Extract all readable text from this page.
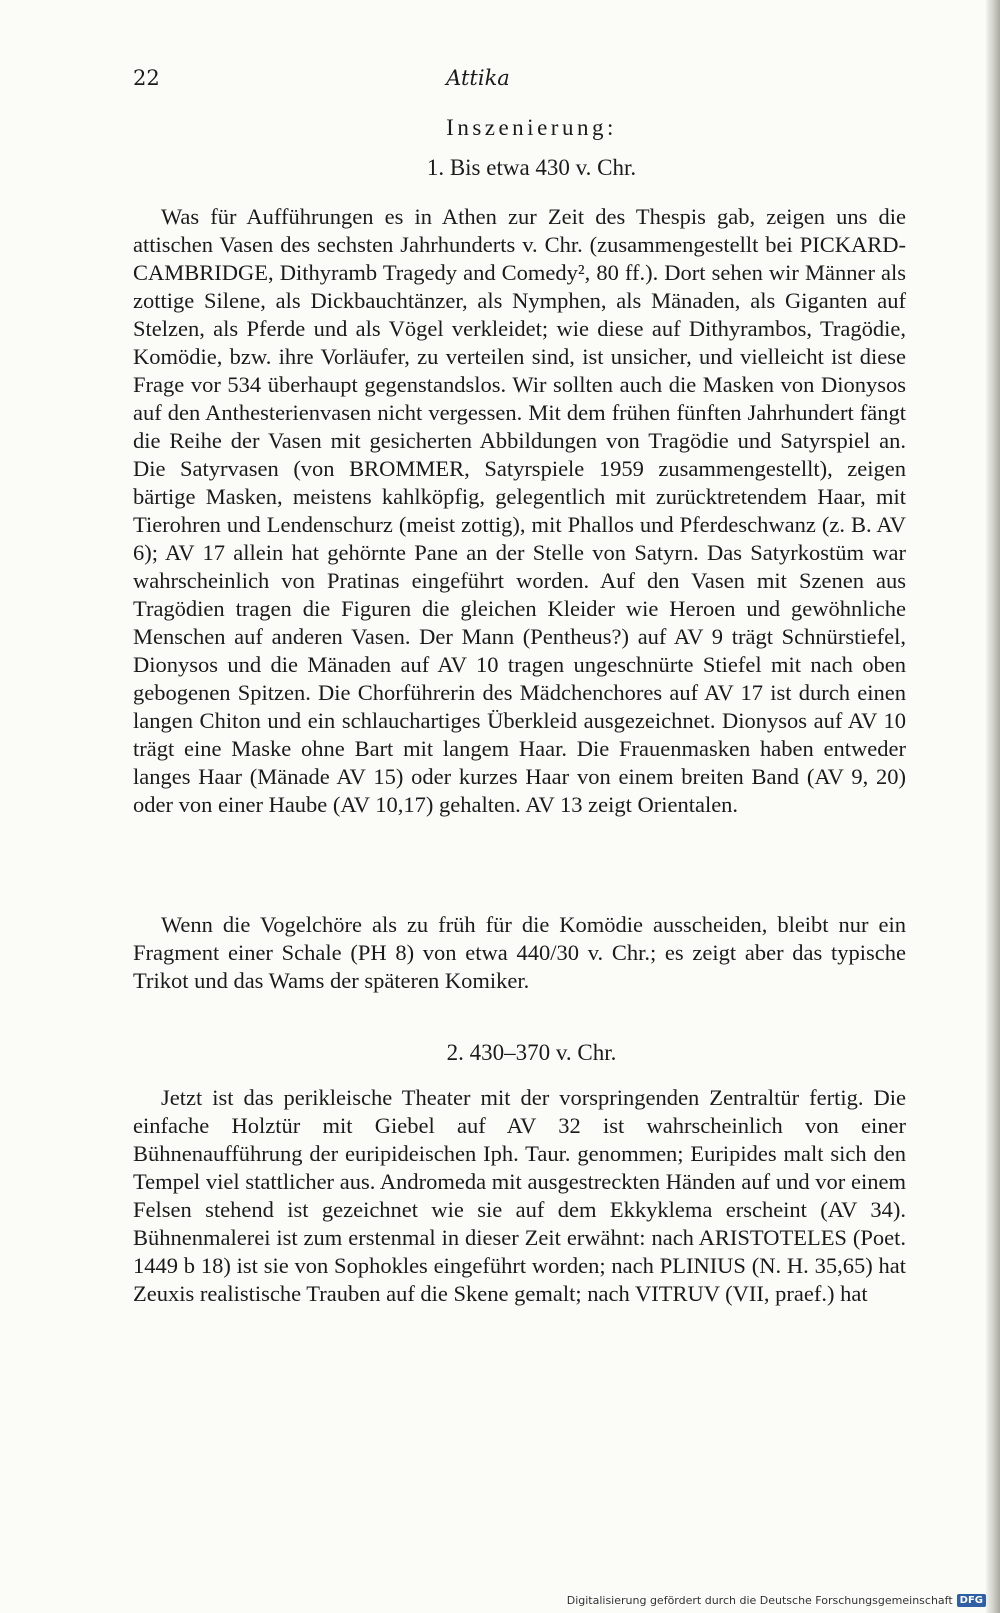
22	Attika
Inszenierung:
1. Bis etwa 430 v. Chr.

Was für Aufführungen es in Athen zur Zeit des Thespis gab, zeigen uns die attischen Vasen des sechsten Jahrhunderts v. Chr. (zusammengestellt bei PICKARD-CAMBRIDGE, Dithyramb Tragedy and Comedy², 80 ff.). Dort sehen wir Männer als zottige Silene, als Dickbauchtänzer, als Nymphen, als Mänaden, als Giganten auf Stelzen, als Pferde und als Vögel verkleidet; wie diese auf Dithyrambos, Tragödie, Komödie, bzw. ihre Vorläufer, zu verteilen sind, ist unsicher, und vielleicht ist diese Frage vor 534 überhaupt gegenstandslos. Wir sollten auch die Masken von Dionysos auf den Anthesterienvasen nicht vergessen. Mit dem frühen fünften Jahrhundert fängt die Reihe der Vasen mit gesicherten Abbildungen von Tragödie und Satyrspiel an. Die Satyrvasen (von BROMMER, Satyrspiele 1959 zusammengestellt), zeigen bärtige Masken, meistens kahlköpfig, gelegentlich mit zurücktretendem Haar, mit Tierohren und Lendenschurz (meist zottig), mit Phallos und Pferdeschwanz (z. B. AV 6); AV 17 allein hat gehörnte Pane an der Stelle von Satyrn. Das Satyrkostüm war wahrscheinlich von Pratinas eingeführt worden. Auf den Vasen mit Szenen aus Tragödien tragen die Figuren die gleichen Kleider wie Heroen und gewöhnliche Menschen auf anderen Vasen. Der Mann (Pentheus?) auf AV 9 trägt Schnürstiefel, Dionysos und die Mänaden auf AV 10 tragen ungeschnürte Stiefel mit nach oben gebogenen Spitzen. Die Chorführerin des Mädchenchores auf AV 17 ist durch einen langen Chiton und ein schlauchartiges Überkleid ausgezeichnet. Dionysos auf AV 10 trägt eine Maske ohne Bart mit langem Haar. Die Frauenmasken haben entweder langes Haar (Mänade AV 15) oder kurzes Haar von einem breiten Band (AV 9, 20) oder von einer Haube (AV 10,17) gehalten. AV 13 zeigt Orientalen.

Wenn die Vogelchöre als zu früh für die Komödie ausscheiden, bleibt nur ein Fragment einer Schale (PH 8) von etwa 440/30 v. Chr.; es zeigt aber das typische Trikot und das Wams der späteren Komiker.

2. 430–370 v. Chr.

Jetzt ist das perikleische Theater mit der vorspringenden Zentraltür fertig. Die einfache Holztür mit Giebel auf AV 32 ist wahrscheinlich von einer Bühnenaufführung der euripideischen Iph. Taur. genommen; Euripides malt sich den Tempel viel stattlicher aus. Andromeda mit ausgestreckten Händen auf und vor einem Felsen stehend ist gezeichnet wie sie auf dem Ekkyklema erscheint (AV 34). Bühnenmalerei ist zum erstenmal in dieser Zeit erwähnt: nach ARISTOTELES (Poet. 1449 b 18) ist sie von Sophokles eingeführt worden; nach PLINIUS (N. H. 35,65) hat Zeuxis realistische Trauben auf die Skene gemalt; nach VITRUV (VII, praef.) hat

Digitalisierung gefördert durch die Deutsche Forschungsgemeinschaft DFG
